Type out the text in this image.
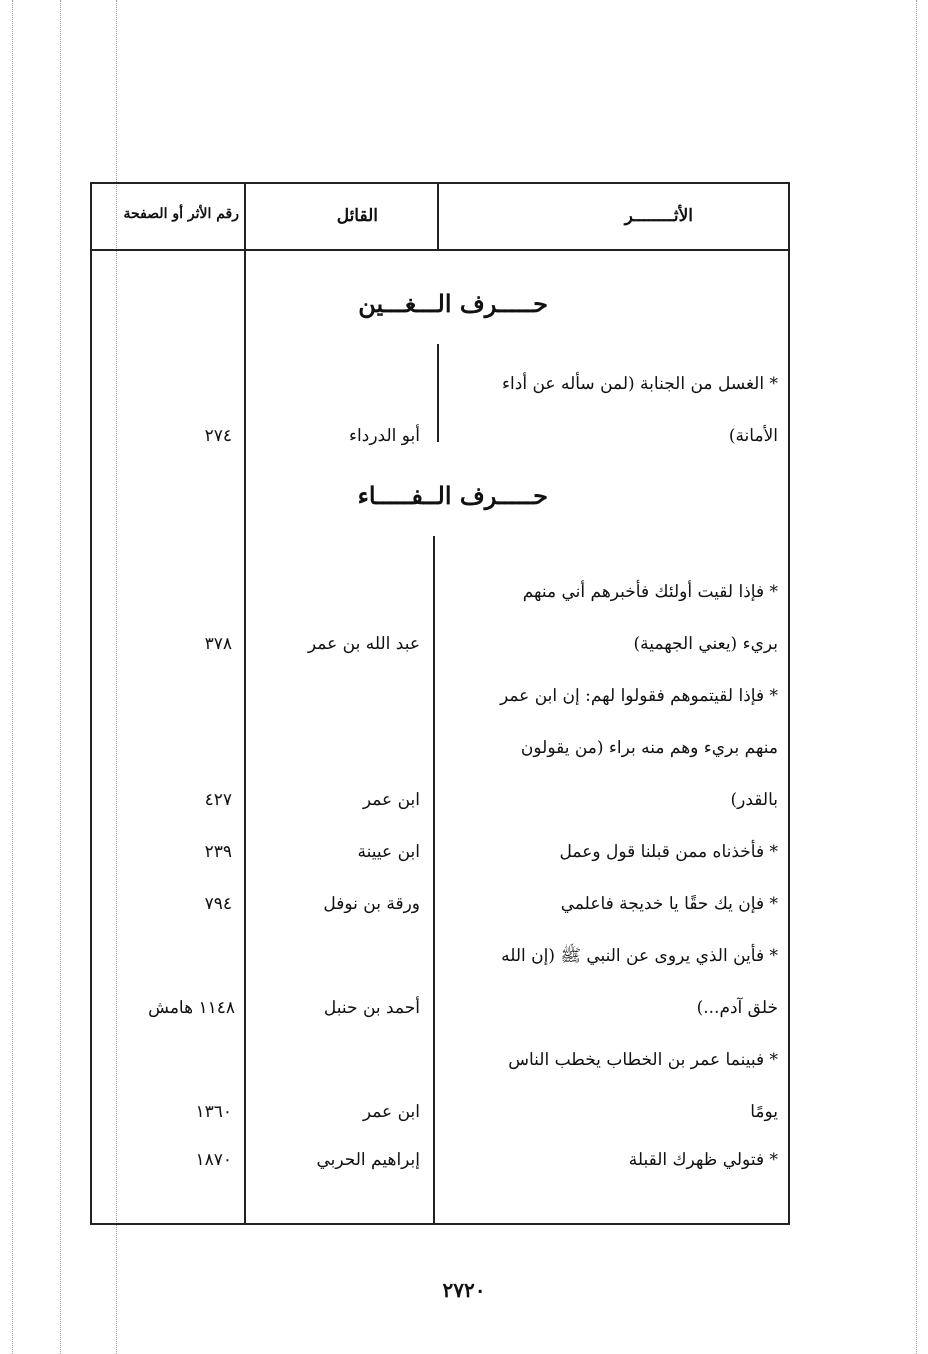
الأثــــــــر
القائل
رقم الأثر أو الصفحة
حـــــرف الـــغـــين
حـــــرف الــفـــــاء
* الغسل من الجنابة (لمن سأله عن أداء
الأمانة)
أبو الدرداء
٢٧٤
* فإذا لقيت أولئك فأخبرهم أني منهم
بريء (يعني الجهمية)
عبد الله بن عمر
٣٧٨
* فإذا لقيتموهم فقولوا لهم: إن ابن عمر
منهم بريء وهم منه براء (من يقولون
بالقدر)
ابن عمر
٤٢٧
* فأخذناه ممن قبلنا قول وعمل
ابن عيينة
٢٣٩
* فإن يك حقًا يا خديجة فاعلمي
ورقة بن نوفل
٧٩٤
* فأين الذي يروى عن النبي ﷺ (إن الله
خلق آدم...)
أحمد بن حنبل
١١٤٨ هامش
* فبينما عمر بن الخطاب يخطب الناس
يومًا
ابن عمر
١٣٦٠
* فتولي ظهرك القبلة
إبراهيم الحربي
١٨٧٠
٢٧٢٠
